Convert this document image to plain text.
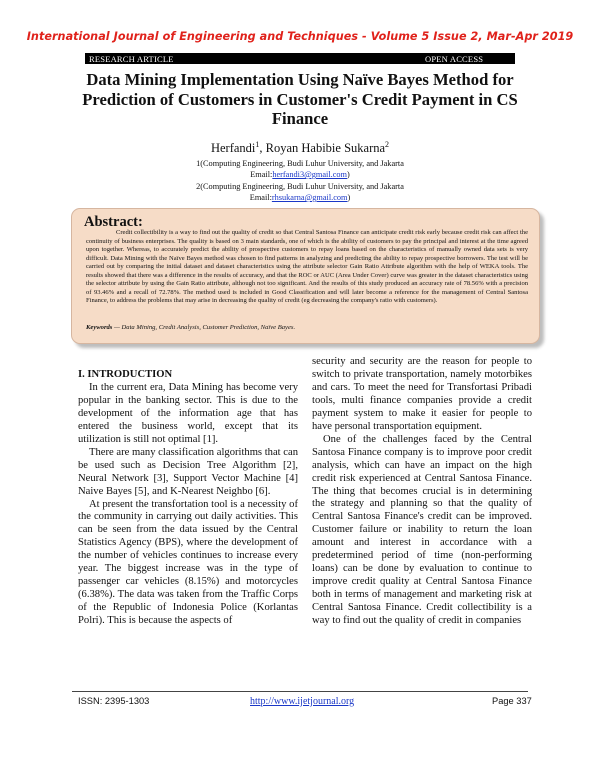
International Journal of Engineering and Techniques - Volume 5 Issue 2, Mar-Apr 2019
RESEARCH ARTICLE	OPEN ACCESS
Data Mining Implementation Using Naïve Bayes Method for Prediction of Customers in Customer's Credit Payment in CS Finance
Herfandi$^1$, Royan Habibie Sukarna$^2$
1(Computing Engineering, Budi Luhur University, and Jakarta
Email:herfandi3@gmail.com)
2(Computing Engineering, Budi Luhur University, and Jakarta
Email:rhsukarna@gmail.com)
Abstract:
Credit collectibility is a way to find out the quality of credit so that Central Santosa Finance can anticipate credit risk early because credit risk can affect the continuity of business enterprises. The quality is based on 3 main standards, one of which is the ability of customers to pay the principal and interest at the time agreed upon together. Whereas, to accurately predict the ability of prospective customers to repay loans based on the characteristics of manually owned data sets is very difficult. Data Mining with the Naïve Bayes method was chosen to find patterns in analyzing and predicting the ability to repay prospective borrowers. The test will be carried out by comparing the initial dataset and dataset characteristics using the attribute selector Gain Ratio Attribute algorithm with the help of WEKA tools. The results showed that there was a difference in the results of accuracy, and that the ROC or AUC (Area Under Cover) curve was greater in the dataset characteristics using the selector attribute by using the Gain Ratio attribute, although not too significant. And the results of this study produced an accuracy rate of 78.56% with a precision of 93.46% and a recall of 72.78%. The method used is included in Good Classification and will later become a reference for the management of Central Santosa Finance, to address the problems that may arise in decreasing the quality of credit (eg decreasing the company's ratio with customers).
Keywords — Data Mining, Credit Analysis, Customer Prediction, Naïve Bayes.

I. INTRODUCTION

In the current era, Data Mining has become very popular in the banking sector. This is due to the development of the information age that has entered the business world, except that its utilization is still not optimal [1].

There are many classification algorithms that can be used such as Decision Tree Algorithm [2], Neural Network [3], Support Vector Machine [4] Naive Bayes [5], and K-Nearest Neighbo [6].

At present the transfortation tool is a necessity of the community in carrying out daily activities. This can be seen from the data issued by the Central Statistics Agency (BPS), where the development of the number of vehicles continues to increase every year. The biggest increase was in the type of passenger car vehicles (8.15%) and motorcycles (6.38%). The data was taken from the Traffic Corps of the Republic of Indonesia Police (Korlantas Polri). This is because the aspects of

security and security are the reason for people to switch to private transportation, namely motorbikes and cars. To meet the need for Transfortasi Pribadi tools, multi finance companies provide a credit payment system to make it easier for people to have personal transportation equipment.

One of the challenges faced by the Central Santosa Finance company is to improve poor credit analysis, which can have an impact on the high credit risk experienced at Central Santosa Finance. The thing that becomes crucial is in determining the strategy and planning so that the quality of Central Santosa Finance's credit can be improved. Customer failure or inability to return the loan amount and interest in accordance with a predetermined period of time (non-performing loans) can be done by evaluation to continue to improve credit quality at Central Santosa Finance both in terms of management and marketing risk at Central Santosa Finance. Credit collectibility is a way to find out the quality of credit in companies

ISSN: 2395-1303	http://www.ijetjournal.org	Page 337
